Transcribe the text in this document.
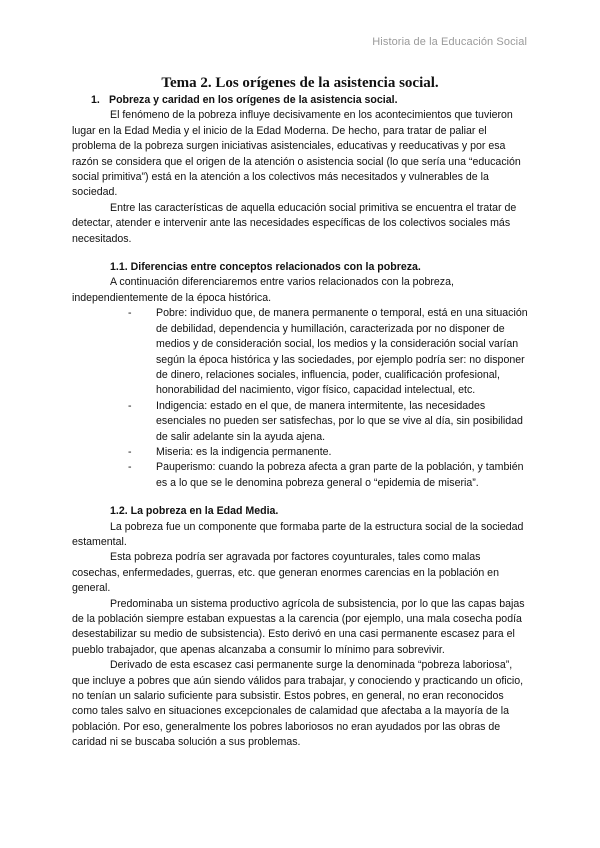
Historia de la Educación Social
Tema 2. Los orígenes de la asistencia social.
1. Pobreza y caridad en los orígenes de la asistencia social.

El fenómeno de la pobreza influye decisivamente en los acontecimientos que tuvieron lugar en la Edad Media y el inicio de la Edad Moderna. De hecho, para tratar de paliar el problema de la pobreza surgen iniciativas asistenciales, educativas y reeducativas y por esa razón se considera que el origen de la atención o asistencia social (lo que sería una “educación social primitiva”) está en la atención a los colectivos más necesitados y vulnerables de la sociedad.

Entre las características de aquella educación social primitiva se encuentra el tratar de detectar, atender e intervenir ante las necesidades específicas de los colectivos sociales más necesitados.

1.1. Diferencias entre conceptos relacionados con la pobreza.

A continuación diferenciaremos entre varios relacionados con la pobreza, independientemente de la época histórica.

- Pobre: individuo que, de manera permanente o temporal, está en una situación de debilidad, dependencia y humillación, caracterizada por no disponer de medios y de consideración social, los medios y la consideración social varían según la época histórica y las sociedades, por ejemplo podría ser: no disponer de dinero, relaciones sociales, influencia, poder, cualificación profesional, honorabilidad del nacimiento, vigor físico, capacidad intelectual, etc.
- Indigencia: estado en el que, de manera intermitente, las necesidades esenciales no pueden ser satisfechas, por lo que se vive al día, sin posibilidad de salir adelante sin la ayuda ajena.
- Miseria: es la indigencia permanente.
- Pauperismo: cuando la pobreza afecta a gran parte de la población, y también es a lo que se le denomina pobreza general o “epidemia de miseria”.
1.2. La pobreza en la Edad Media.

La pobreza fue un componente que formaba parte de la estructura social de la sociedad estamental.

Esta pobreza podría ser agravada por factores coyunturales, tales como malas cosechas, enfermedades, guerras, etc. que generan enormes carencias en la población en general.

Predominaba un sistema productivo agrícola de subsistencia, por lo que las capas bajas de la población siempre estaban expuestas a la carencia (por ejemplo, una mala cosecha podía desestabilizar su medio de subsistencia). Esto derivó en una casi permanente escasez para el pueblo trabajador, que apenas alcanzaba a consumir lo mínimo para sobrevivir.

Derivado de esta escasez casi permanente surge la denominada “pobreza laboriosa”, que incluye a pobres que aún siendo válidos para trabajar, y conociendo y practicando un oficio, no tenían un salario suficiente para subsistir. Estos pobres, en general, no eran reconocidos como tales salvo en situaciones excepcionales de calamidad que afectaba a la mayoría de la población. Por eso, generalmente los pobres laboriosos no eran ayudados por las obras de caridad ni se buscaba solución a sus problemas.
